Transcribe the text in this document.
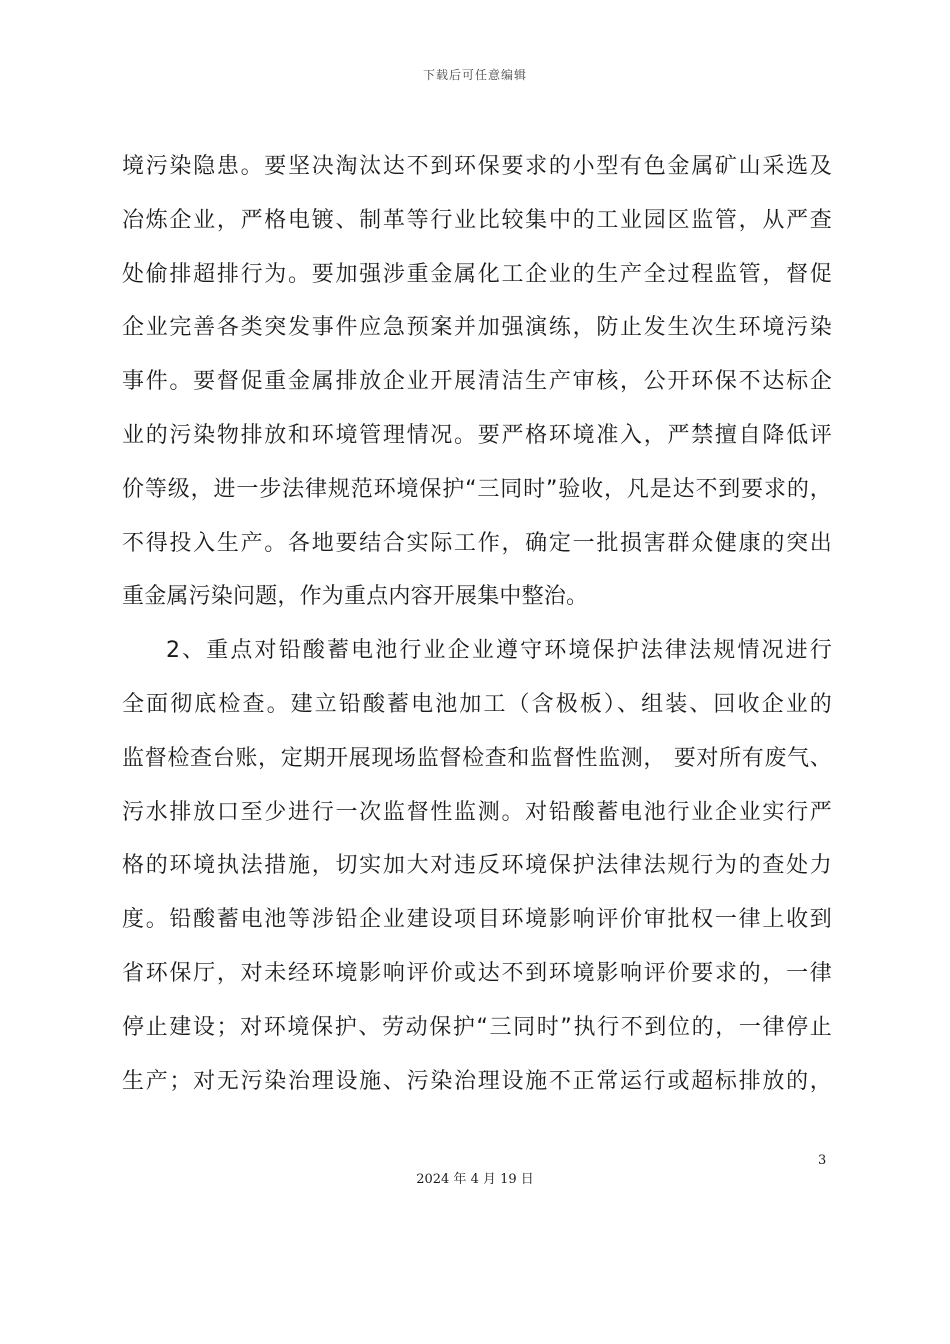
下载后可任意编辑
境污染隐患。要坚决淘汰达不到环保要求的小型有色金属矿山采选及
冶炼企业，严格电镀、制革等行业比较集中的工业园区监管，从严查
处偷排超排行为。要加强涉重金属化工企业的生产全过程监管，督促
企业完善各类突发事件应急预案并加强演练，防止发生次生环境污染
事件。要督促重金属排放企业开展清洁生产审核，公开环保不达标企
业的污染物排放和环境管理情况。要严格环境准入，严禁擅自降低评
价等级，进一步法律规范环境保护“三同时”验收，凡是达不到要求的，
不得投入生产。各地要结合实际工作，确定一批损害群众健康的突出
重金属污染问题，作为重点内容开展集中整治。
2、重点对铅酸蓄电池行业企业遵守环境保护法律法规情况进行
全面彻底检查。建立铅酸蓄电池加工（含极板）、组装、回收企业的
监督检查台账，定期开展现场监督检查和监督性监测， 要对所有废气、
污水排放口至少进行一次监督性监测。对铅酸蓄电池行业企业实行严
格的环境执法措施，切实加大对违反环境保护法律法规行为的查处力
度。铅酸蓄电池等涉铅企业建设项目环境影响评价审批权一律上收到
省环保厅，对未经环境影响评价或达不到环境影响评价要求的，一律
停止建设；对环境保护、劳动保护“三同时”执行不到位的，一律停止
生产；对无污染治理设施、污染治理设施不正常运行或超标排放的，
3
2024 年 4 月 19 日
